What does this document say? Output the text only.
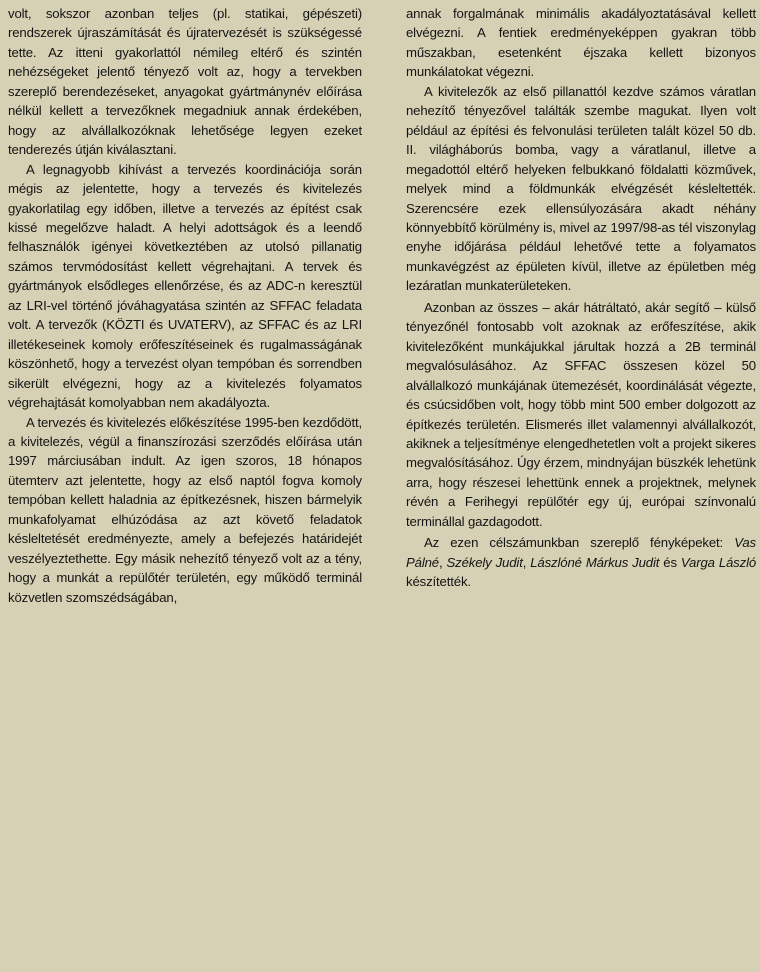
volt, sokszor azonban teljes (pl. statikai, gépészeti) rendszerek újraszámítását és újratervezését is szükségessé tette. Az itteni gyakorlattól némileg eltérő és szintén nehézségeket jelentő tényező volt az, hogy a tervekben szereplő berendezéseket, anyagokat gyártmánynév előírása nélkül kellett a tervezőknek megadniuk annak érdekében, hogy az alvállalkozóknak lehetősége legyen ezeket tenderezés útján kiválasztani.

A legnagyobb kihívást a tervezés koordinációja során mégis az jelentette, hogy a tervezés és kivitelezés gyakorlatilag egy időben, illetve a tervezés az építést csak kissé megelőzve haladt. A helyi adottságok és a leendő felhasználók igényei következtében az utolsó pillanatig számos tervmódosítást kellett végrehajtani. A tervek és gyártmányok elsődleges ellenőrzése, és az ADC-n keresztül az LRI-vel történő jóváhagyatása szintén az SFFAC feladata volt. A tervezők (KÖZTI és UVATERV), az SFFAC és az LRI illetékeseinek komoly erőfeszítéseinek és rugalmasságának köszönhető, hogy a tervezést olyan tempóban és sorrendben sikerült elvégezni, hogy az a kivitelezés folyamatos végrehajtását komolyabban nem akadályozta.

A tervezés és kivitelezés előkészítése 1995-ben kezdődött, a kivitelezés, végül a finanszírozási szerződés előírása után 1997 márciusában indult. Az igen szoros, 18 hónapos ütemterv azt jelentette, hogy az első naptól fogva komoly tempóban kellett haladnia az építkezésnek, hiszen bármelyik munkafolyamat elhúzódása az azt követő feladatok késleltetését eredményezte, amely a befejezés határidejét veszélyeztethette. Egy másik nehezítő tényező volt az a tény, hogy a munkát a repülőtér területén, egy működő terminál közvetlen szomszédságában,

annak forgalmának minimális akadályoztatásával kellett elvégezni. A fentiek eredményeképpen gyakran több műszakban, esetenként éjszaka kellett bizonyos munkálatokat végezni.

A kivitelezők az első pillanattól kezdve számos váratlan nehezítő tényezővel találták szembe magukat. Ilyen volt például az építési és felvonulási területen talált közel 50 db. II. világháborús bomba, vagy a váratlanul, illetve a megadottól eltérő helyeken felbukkanó földalatti közművek, melyek mind a földmunkák elvégzését késleltették. Szerencsére ezek ellensúlyozására akadt néhány könnyebbítő körülmény is, mivel az 1997/98-as tél viszonylag enyhe időjárása például lehetővé tette a folyamatos munkavégzést az épületen kívül, illetve az épületben még lezáratlan munkaterületeken.

Azonban az összes – akár hátráltató, akár segítő – külső tényezőnél fontosabb volt azoknak az erőfeszítése, akik kivitelezőként munkájukkal járultak hozzá a 2B terminál megvalósulásához. Az SFFAC összesen közel 50 alvállalkozó munkájának ütemezését, koordinálását végezte, és csúcsidőben volt, hogy több mint 500 ember dolgozott az építkezés területén. Elismerés illet valamennyi alvállalkozót, akiknek a teljesítménye elengedhetetlen volt a projekt sikeres megvalósításához. Úgy érzem, mindnyájan büszkék lehetünk arra, hogy részesei lehettünk ennek a projektnek, melynek révén a Ferihegyi repülőtér egy új, európai színvonalú terminállal gazdagodott.

Az ezen célszámunkban szereplő fényképeket: Vas Pálné, Székely Judit, Lászlóné Márkus Judit és Varga László készítették.
